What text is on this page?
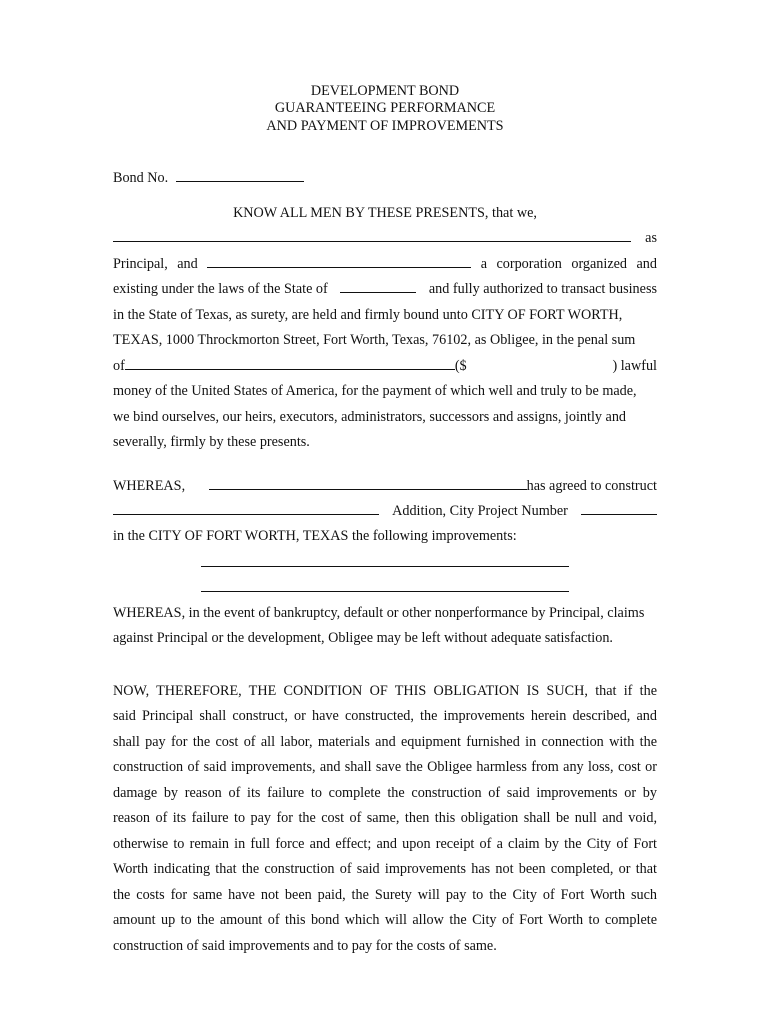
DEVELOPMENT BOND
GUARANTEEING PERFORMANCE
AND PAYMENT OF IMPROVEMENTS
Bond No.
KNOW ALL MEN BY THESE PRESENTS, that we,
as
Principal, and	a corporation organized and
existing under the laws of the State of	and fully authorized to transact business
in the State of Texas, as surety, are held and firmly bound unto CITY OF FORT WORTH,
TEXAS, 1000 Throckmorton Street, Fort Worth, Texas, 76102, as Obligee, in the penal sum
of	($	) lawful
money of the United States of America, for the payment of which well and truly to be made,
we bind ourselves, our heirs, executors, administrators, successors and assigns, jointly and
severally, firmly by these presents.
WHEREAS,	has agreed to construct
Addition, City Project Number
in the CITY OF FORT WORTH, TEXAS the following improvements:
WHEREAS, in the event of bankruptcy, default or other nonperformance by Principal, claims
against Principal or the development, Obligee may be left without adequate satisfaction.
NOW, THEREFORE, THE CONDITION OF THIS OBLIGATION IS SUCH, that if the
said Principal shall construct, or have constructed, the improvements herein described, and
shall pay for the cost of all labor, materials and equipment furnished in connection with the
construction of said improvements, and shall save the Obligee harmless from any loss, cost or
damage by reason of its failure to complete the construction of said improvements or by
reason of its failure to pay for the cost of same, then this obligation shall be null and void,
otherwise to remain in full force and effect; and upon receipt of a claim by the City of Fort
Worth indicating that the construction of said improvements has not been completed, or that
the costs for same have not been paid, the Surety will pay to the City of Fort Worth such
amount up to the amount of this bond which will allow the City of Fort Worth to complete
construction of said improvements and to pay for the costs of same.
